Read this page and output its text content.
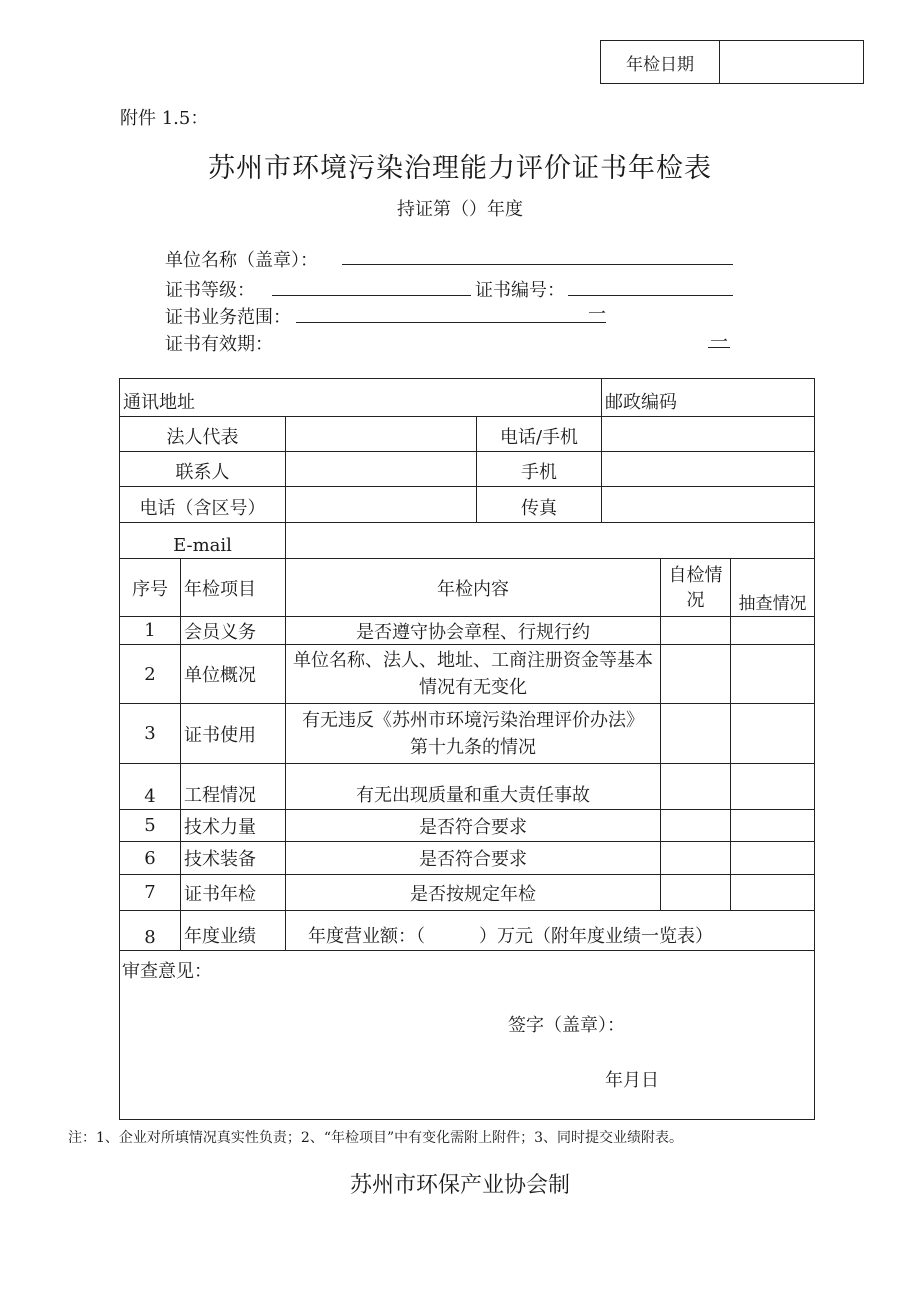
年检日期
附件 1.5：
苏州市环境污染治理能力评价证书年检表
持证第（）年度
单位名称（盖章）：
证书等级：	证书编号：
证书业务范围：	一
证书有效期：	一
通讯地址				邮政编码		
法人代表			电话/手机			
联系人			手机			
电话（含区号）			传真			
E-mail						
序号	年检项目	年检内容			自检情况	抽查情况
1	会员义务	是否遵守协会章程、行规行约				
2	单位概况	单位名称、法人、地址、工商注册资金等基本情况有无变化				
3	证书使用	有无违反《苏州市环境污染治理评价办法》第十九条的情况				
4	工程情况	有无出现质量和重大责任事故				
5	技术力量	是否符合要求				
6	技术装备	是否符合要求				
7	证书年检	是否按规定年检				
8	年度业绩	年度营业额：（　　　）万元（附年度业绩一览表）				

审查意见：
签字（盖章）：
年月日						
注：1、企业对所填情况真实性负责；2、“年检项目”中有变化需附上附件；3、同时提交业绩附表。
苏州市环保产业协会制
